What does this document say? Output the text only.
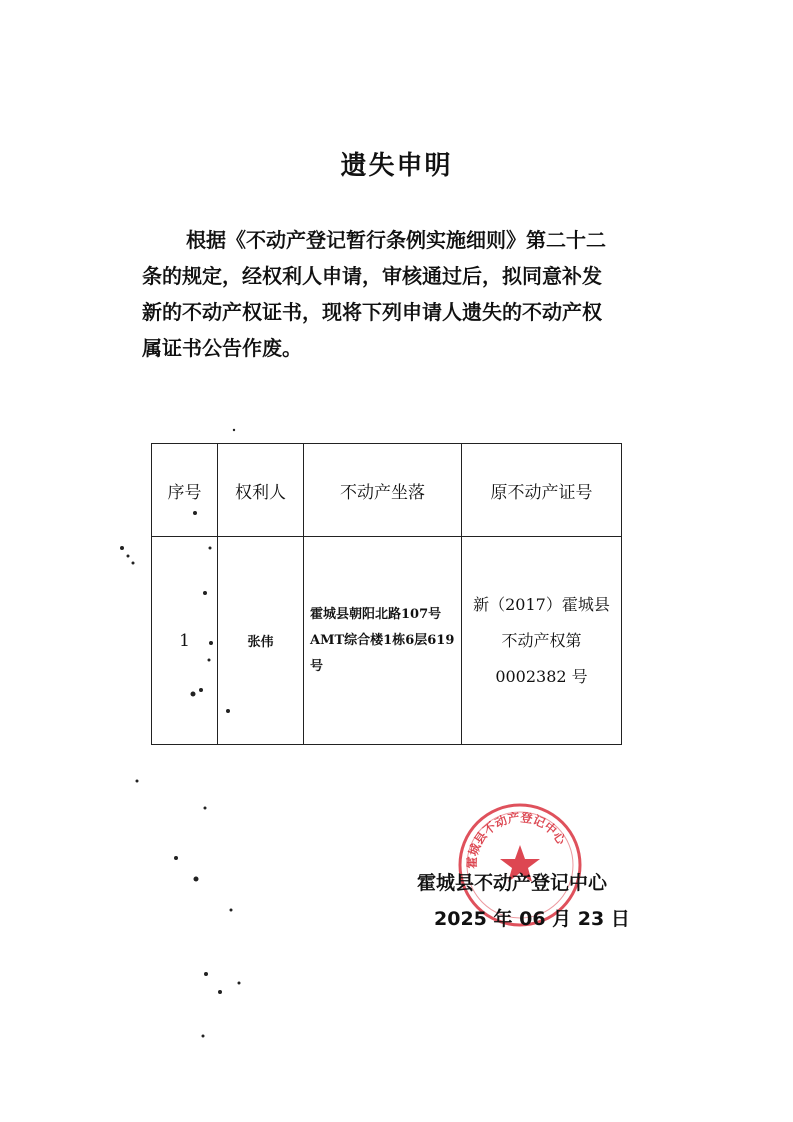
遗失申明
根据《不动产登记暂行条例实施细则》第二十二
条的规定，经权利人申请，审核通过后，拟同意补发
新的不动产权证书，现将下列申请人遗失的不动产权
属证书公告作废。
序号	权利人	不动产坐落	原不动产证号
1	张伟	霍城县朝阳北路107号AMT综合楼1栋6层619号	新（2017）霍城县不动产权第 0002382 号
霍城县不动产登记中心
霍城县不动产登记中心
2025 年 06 月 23 日
